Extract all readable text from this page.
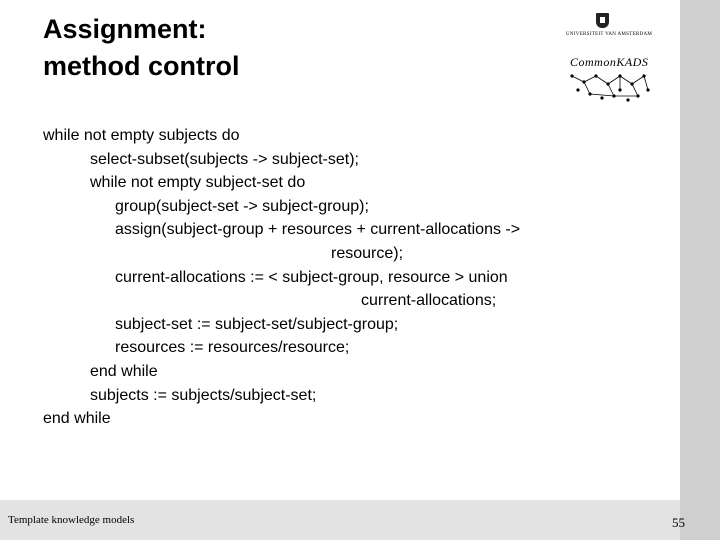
Assignment:
method control
UNIVERSITEIT VAN AMSTERDAM
CommonKADS
while not empty subjects do
select-subset(subjects -> subject-set);
while not empty subject-set do
group(subject-set -> subject-group);
assign(subject-group + resources + current-allocations ->
resource);
current-allocations := < subject-group, resource > union
current-allocations;
subject-set := subject-set/subject-group;
resources := resources/resource;
end while
subjects := subjects/subject-set;
end while
Template knowledge models	55
